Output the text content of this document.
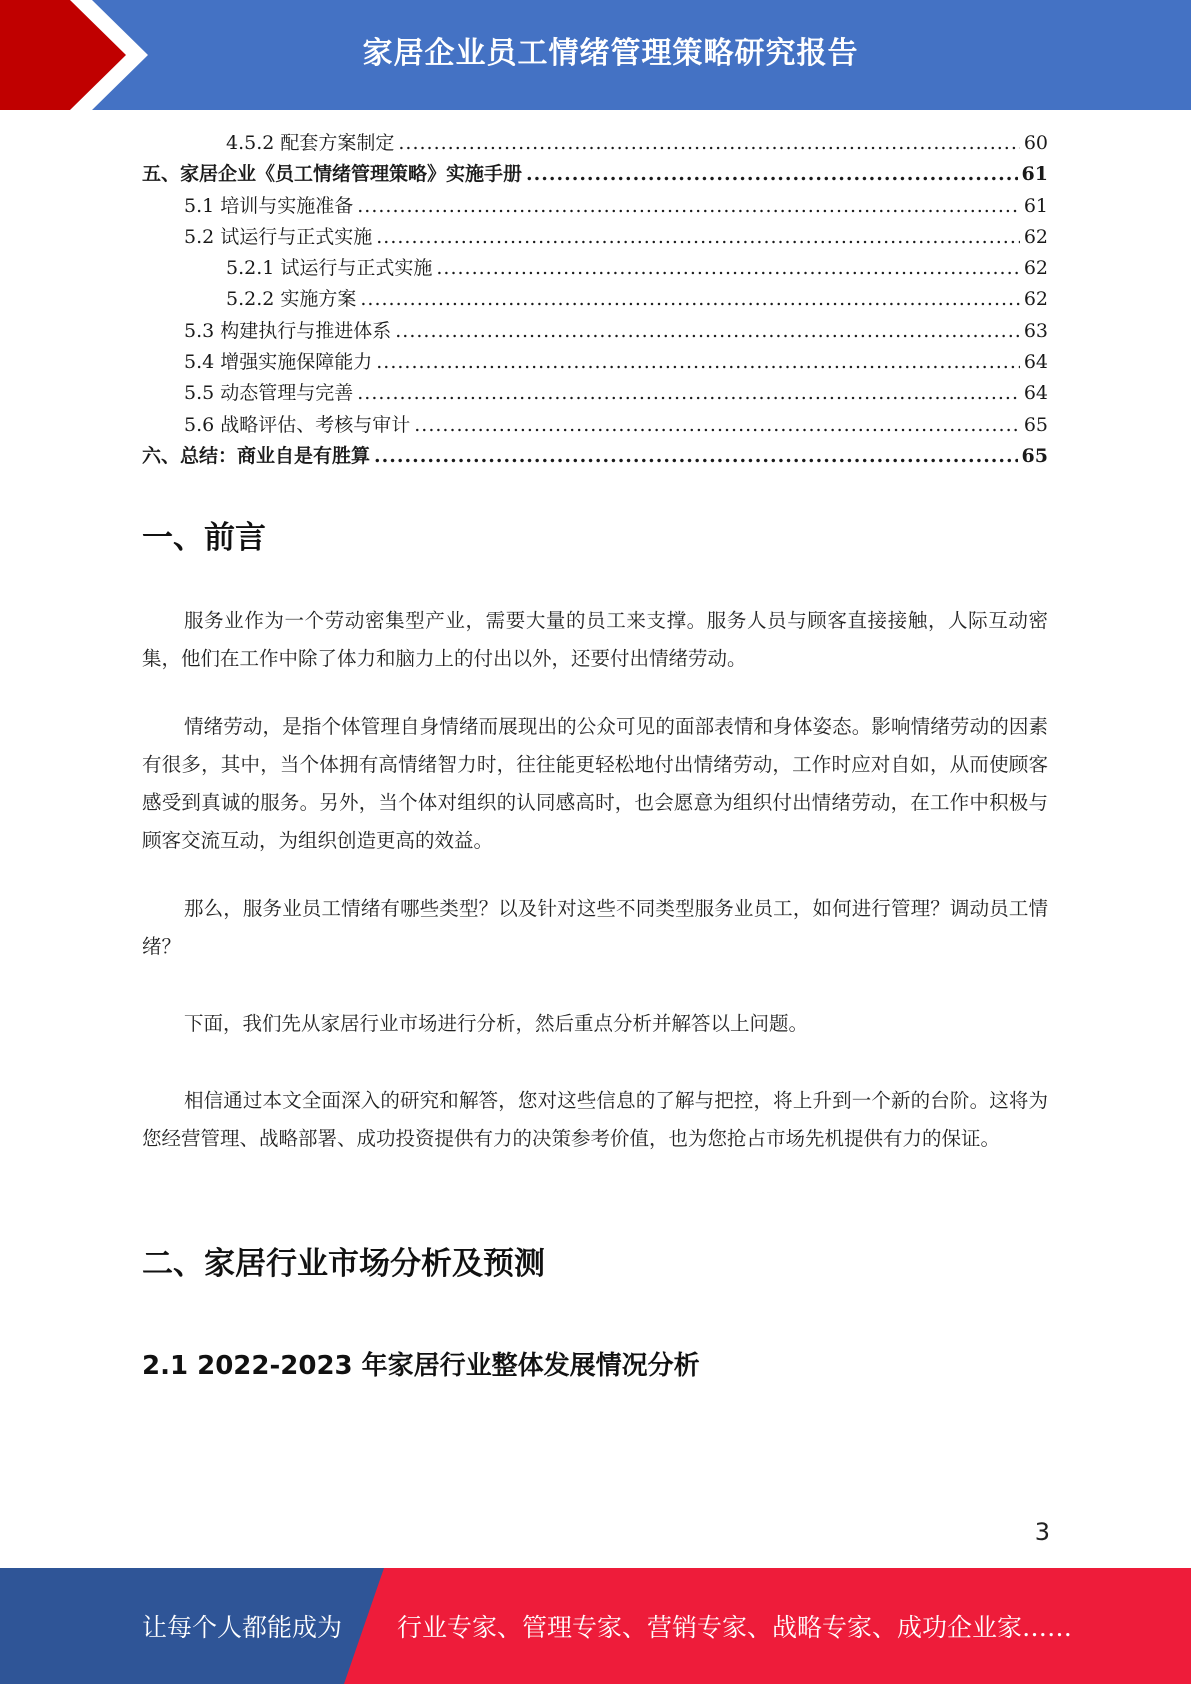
家居企业员工情绪管理策略研究报告
4.5.2 配套方案制定 .....	60
五、家居企业《员工情绪管理策略》实施手册 .....	61
5.1 培训与实施准备 .....	61
5.2 试运行与正式实施 .....	62
5.2.1 试运行与正式实施 .....	62
5.2.2 实施方案 .....	62
5.3 构建执行与推进体系 .....	63
5.4 增强实施保障能力 .....	64
5.5 动态管理与完善 .....	64
5.6 战略评估、考核与审计 .....	65
六、总结：商业自是有胜算 .....	65
一、前言
服务业作为一个劳动密集型产业，需要大量的员工来支撑。服务人员与顾客直接接触，人际互动密集，他们在工作中除了体力和脑力上的付出以外，还要付出情绪劳动。
情绪劳动，是指个体管理自身情绪而展现出的公众可见的面部表情和身体姿态。影响情绪劳动的因素有很多，其中，当个体拥有高情绪智力时，往往能更轻松地付出情绪劳动，工作时应对自如，从而使顾客感受到真诚的服务。另外，当个体对组织的认同感高时，也会愿意为组织付出情绪劳动，在工作中积极与顾客交流互动，为组织创造更高的效益。
那么，服务业员工情绪有哪些类型？以及针对这些不同类型服务业员工，如何进行管理？调动员工情绪？
下面，我们先从家居行业市场进行分析，然后重点分析并解答以上问题。
相信通过本文全面深入的研究和解答，您对这些信息的了解与把控，将上升到一个新的台阶。这将为您经营管理、战略部署、成功投资提供有力的决策参考价值，也为您抢占市场先机提供有力的保证。
二、家居行业市场分析及预测
2.1 2022-2023 年家居行业整体发展情况分析
3
让每个人都能成为 行业专家、管理专家、营销专家、战略专家、成功企业家……
